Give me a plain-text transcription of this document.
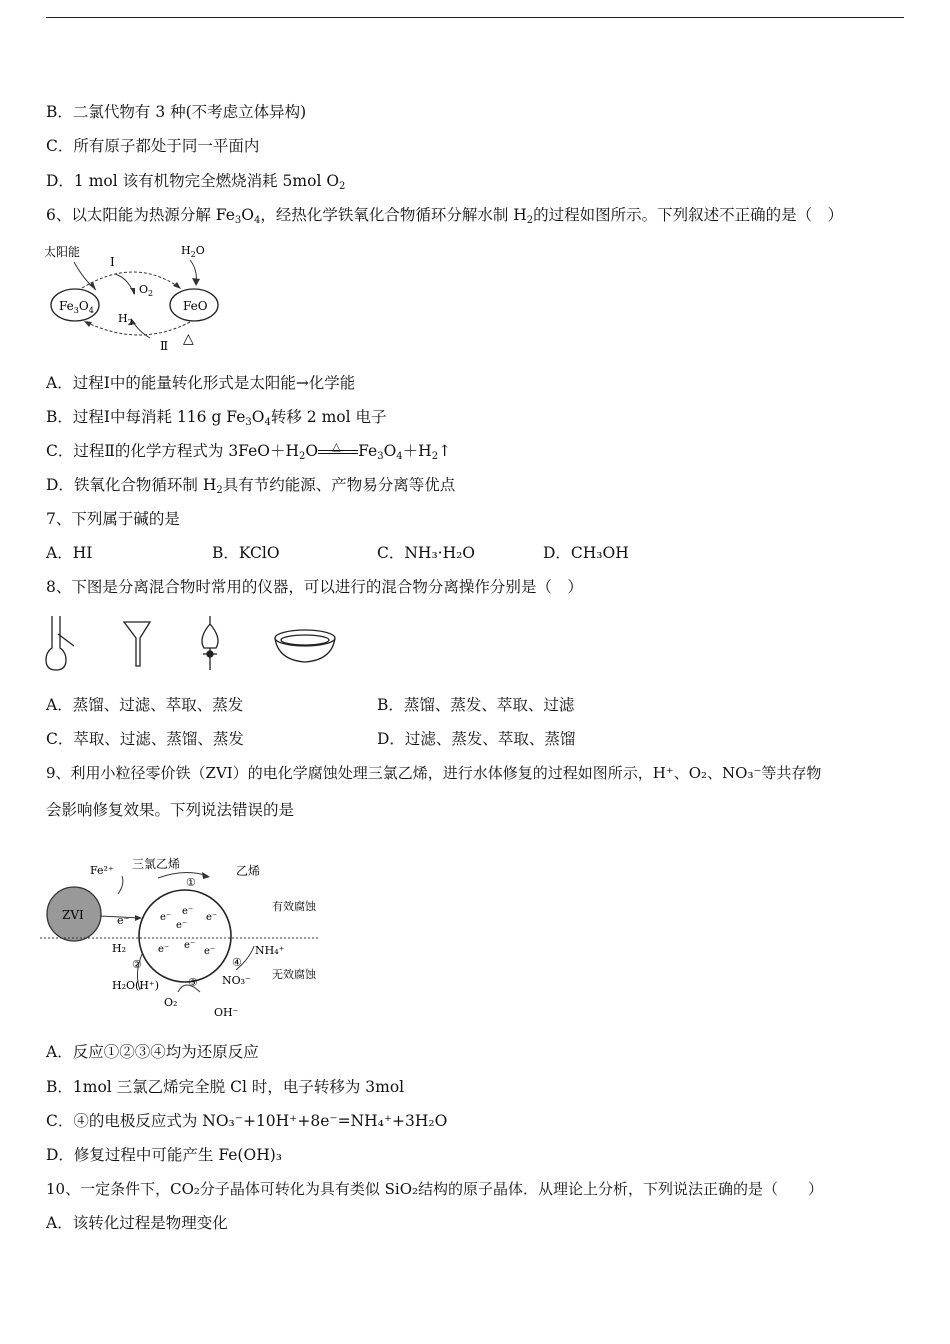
B．二氯代物有 3 种(不考虑立体异构)
C．所有原子都处于同一平面内
D．1 mol 该有机物完全燃烧消耗 5mol $O_2$
6、以太阳能为热源分解 $Fe_3O_4$，经热化学铁氧化合物循环分解水制 $H_2$的过程如图所示。下列叙述不正确的是（　）
太阳能
$Fe_3O_4$	FeO
Ⅰ
$O_2$
$H_2O$
$H_2$
Ⅱ △
A．过程Ⅰ中的能量转化形式是太阳能→化学能
B．过程Ⅰ中每消耗 116 g $Fe_3O_4$转移 2 mol 电子
C．过程Ⅱ的化学方程式为 $3FeO+H_2O$ △ $Fe_3O_4+H_2↑$
D．铁氧化合物循环制 $H_2$具有节约能源、产物易分离等优点
7、下列属于碱的是
A．HI	B．KClO	C．NH₃·H₂O	D．CH₃OH
8、下图是分离混合物时常用的仪器，可以进行的混合物分离操作分别是（　）
A．蒸馏、过滤、萃取、蒸发	B．蒸馏、蒸发、萃取、过滤
C．萃取、过滤、蒸馏、蒸发	D．过滤、蒸发、萃取、蒸馏
9、利用小粒径零价铁（ZVI）的电化学腐蚀处理三氯乙烯，进行水体修复的过程如图所示，H⁺、O₂、NO₃⁻等共存物
会影响修复效果。下列说法错误的是
ZVI
Fe²⁺
e⁻
三氯乙烯
①
乙烯
有效腐蚀
无效腐蚀
e⁻
e⁻
e⁻
e⁻
e⁻ e⁻
e⁻
H₂
②
H₂O(H⁺)	③
O₂
OH⁻
④
NH₄⁺
NO₃⁻
A．反应①②③④均为还原反应
B．1mol 三氯乙烯完全脱 Cl 时，电子转移为 3mol
C．④的电极反应式为 NO₃⁻+10H⁺+8e⁻=NH₄⁺+3H₂O
D．修复过程中可能产生 Fe(OH)₃
10、一定条件下，CO₂分子晶体可转化为具有类似 SiO₂结构的原子晶体．从理论上分析，下列说法正确的是（　　）
A．该转化过程是物理变化
